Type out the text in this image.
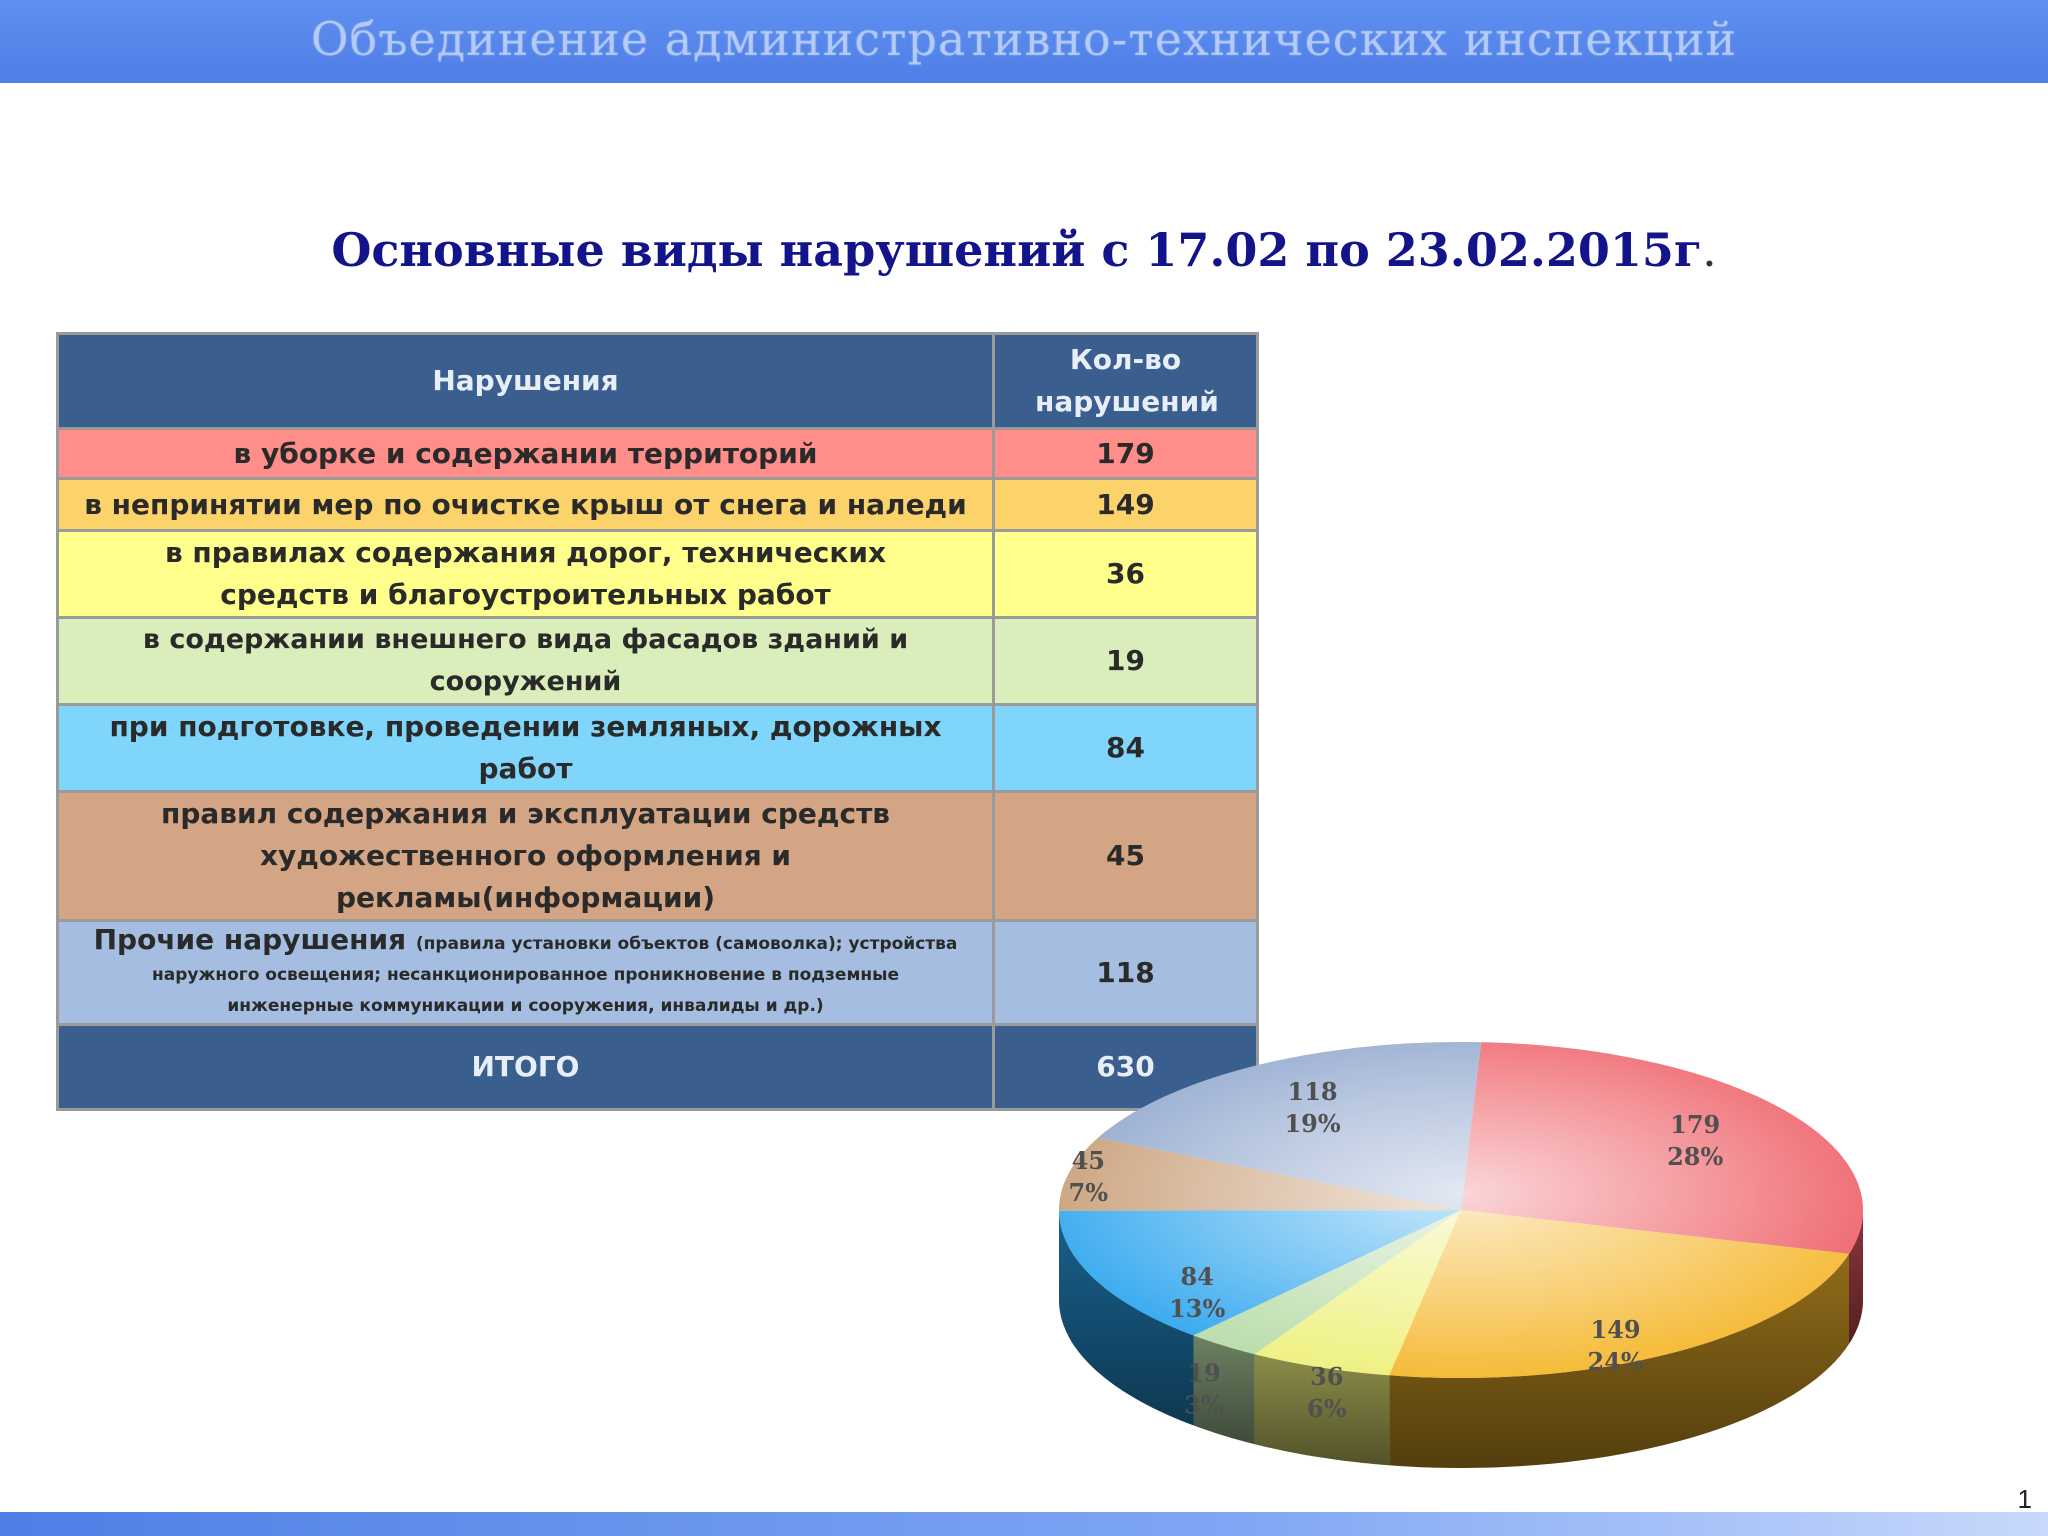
Объединение административно-технических инспекций
Основные виды нарушений с 17.02 по 23.02.2015г.
Нарушения	Кол-во нарушений
в уборке и содержании территорий	179
в непринятии мер по очистке крыш от снега и наледи	149
в правилах содержания дорог, технических средств и благоустроительных работ	36
в содержании внешнего вида фасадов зданий и сооружений	19
при подготовке, проведении земляных, дорожных работ	84
правил содержания и эксплуатации средств художественного оформления и рекламы(информации)	45
Прочие нарушения (правила установки объектов (самоволка); устройства наружного освещения; несанкционированное проникновение в подземные инженерные коммуникации и сооружения, инвалиды и др.)	118
ИТОГО	630
179
28%
149
24%
36
6%
19
3%
84
13%
45
7%
118
19%
1
